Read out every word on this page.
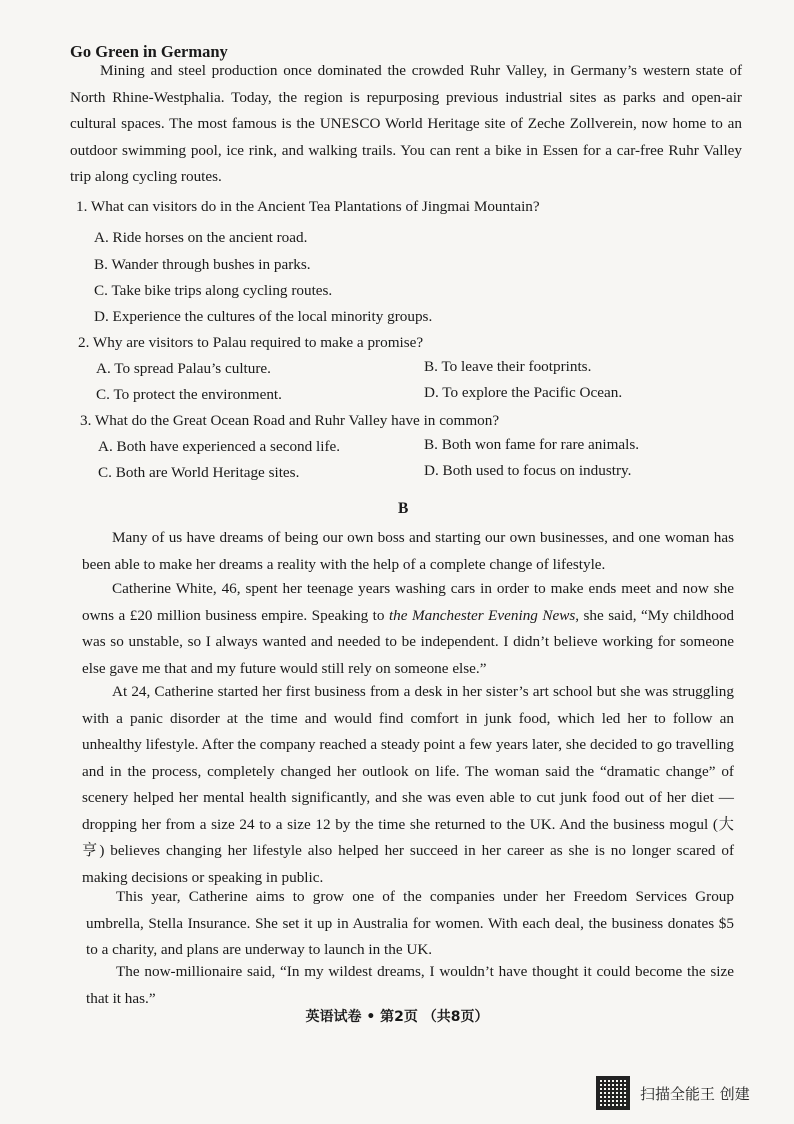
Go Green in Germany
Mining and steel production once dominated the crowded Ruhr Valley, in Germany’s western state of North Rhine-Westphalia. Today, the region is repurposing previous industrial sites as parks and open-air cultural spaces. The most famous is the UNESCO World Heritage site of Zeche Zollverein, now home to an outdoor swimming pool, ice rink, and walking trails. You can rent a bike in Essen for a car-free Ruhr Valley trip along cycling routes.
1. What can visitors do in the Ancient Tea Plantations of Jingmai Mountain?
A. Ride horses on the ancient road.
B. Wander through bushes in parks.
C. Take bike trips along cycling routes.
D. Experience the cultures of the local minority groups.
2. Why are visitors to Palau required to make a promise?
A. To spread Palau’s culture.	B. To leave their footprints.
C. To protect the environment.	D. To explore the Pacific Ocean.
3. What do the Great Ocean Road and Ruhr Valley have in common?
A. Both have experienced a second life.	B. Both won fame for rare animals.
C. Both are World Heritage sites.	D. Both used to focus on industry.
B
Many of us have dreams of being our own boss and starting our own businesses, and one woman has been able to make her dreams a reality with the help of a complete change of lifestyle.
Catherine White, 46, spent her teenage years washing cars in order to make ends meet and now she owns a £20 million business empire. Speaking to the Manchester Evening News, she said, “My childhood was so unstable, so I always wanted and needed to be independent. I didn’t believe working for someone else gave me that and my future would still rely on someone else.”
At 24, Catherine started her first business from a desk in her sister’s art school but she was struggling with a panic disorder at the time and would find comfort in junk food, which led her to follow an unhealthy lifestyle. After the company reached a steady point a few years later, she decided to go travelling and in the process, completely changed her outlook on life. The woman said the “dramatic change” of scenery helped her mental health significantly, and she was even able to cut junk food out of her diet — dropping her from a size 24 to a size 12 by the time she returned to the UK. And the business mogul (大亨) believes changing her lifestyle also helped her succeed in her career as she is no longer scared of making decisions or speaking in public.
This year, Catherine aims to grow one of the companies under her Freedom Services Group umbrella, Stella Insurance. She set it up in Australia for women. With each deal, the business donates $5 to a charity, and plans are underway to launch in the UK.
The now-millionaire said, “In my wildest dreams, I wouldn’t have thought it could become the size that it has.”
英语试卷 • 第2页 （共8页）
扫描全能王 创建
